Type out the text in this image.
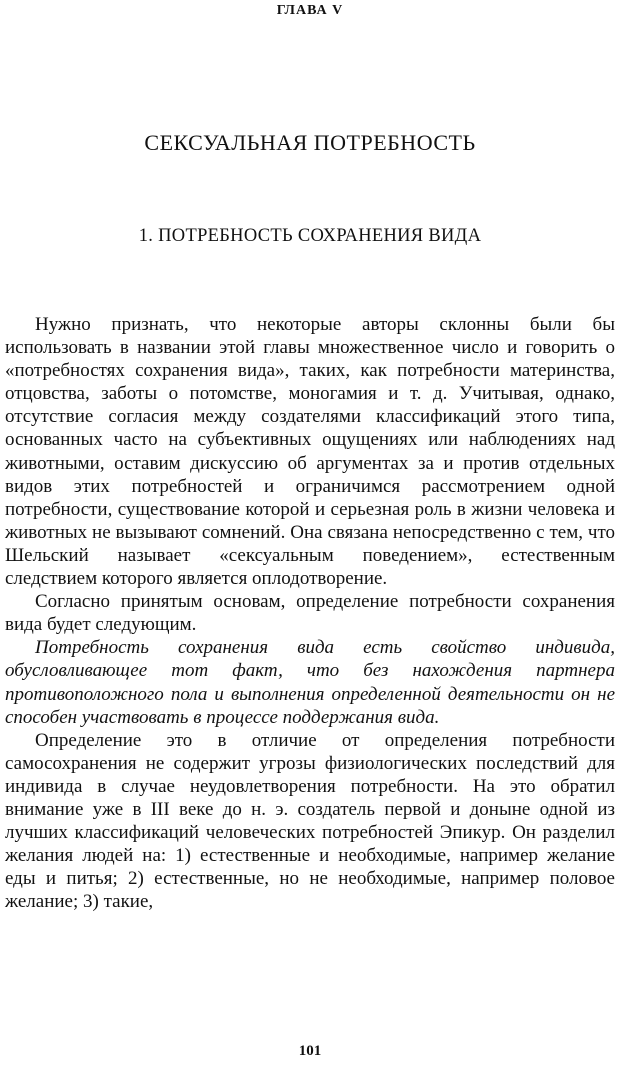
ГЛАВА V
СЕКСУАЛЬНАЯ ПОТРЕБНОСТЬ
1. ПОТРЕБНОСТЬ СОХРАНЕНИЯ ВИДА

Нужно признать, что некоторые авторы склонны были бы использовать в названии этой главы множественное число и говорить о «потребностях сохранения вида», таких, как потребности материнства, отцовства, заботы о потомстве, моногамия и т. д. Учитывая, однако, отсутствие согласия между создателями классификаций этого типа, основанных часто на субъективных ощущениях или наблюдениях над животными, оставим дискуссию об аргументах за и против отдельных видов этих потребностей и ограничимся рассмотрением одной потребности, существование которой и серьезная роль в жизни человека и животных не вызывают сомнений. Она связана непосредственно с тем, что Шельский называет «сексуальным поведением», естественным следствием которого является оплодотворение.

Согласно принятым основам, определение потребности сохранения вида будет следующим.

Потребность сохранения вида есть свойство индивида, обусловливающее тот факт, что без нахождения партнера противоположного пола и выполнения определенной деятельности он не способен участвовать в процессе поддержания вида.

Определение это в отличие от определения потребности самосохранения не содержит угрозы физиологических последствий для индивида в случае неудовлетворения потребности. На это обратил внимание уже в III веке до н. э. создатель первой и доныне одной из лучших классификаций человеческих потребностей Эпикур. Он разделил желания людей на: 1) естественные и необходимые, например желание еды и питья; 2) естественные, но не необходимые, например половое желание; 3) такие,

101
